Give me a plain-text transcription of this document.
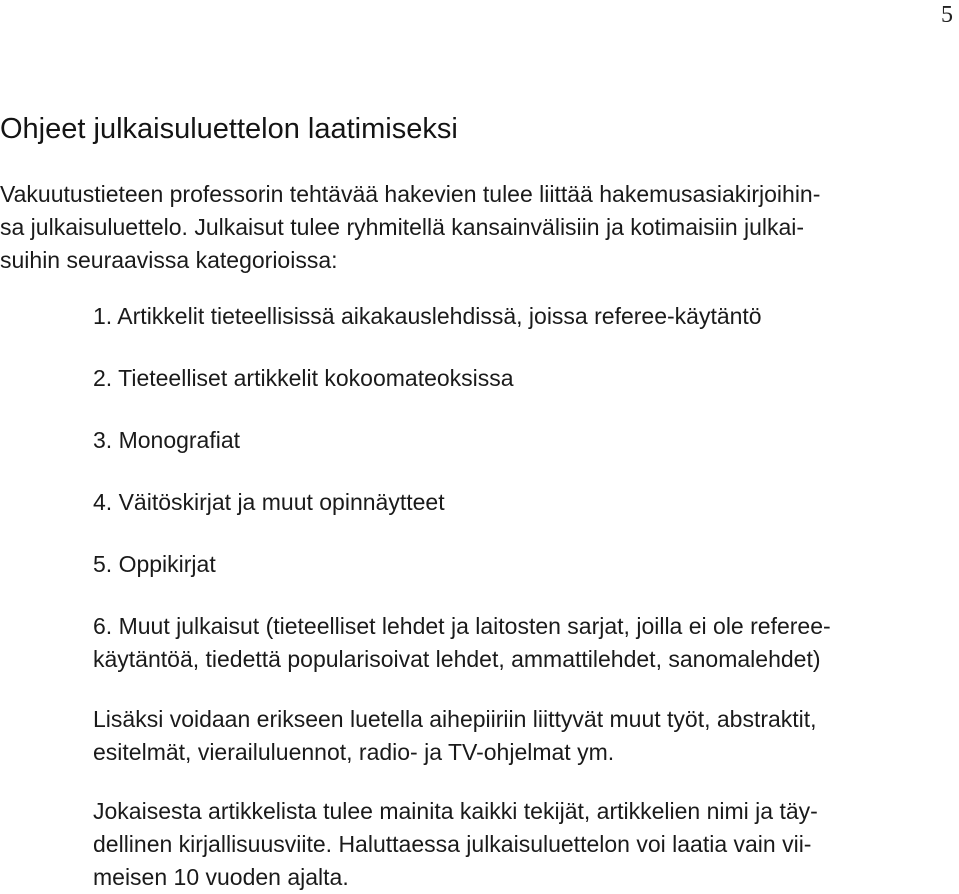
5
Ohjeet julkaisuluettelon laatimiseksi
Vakuutustieteen professorin tehtävää hakevien tulee liittää hakemusasiakirjoihin-
sa julkaisuluettelo. Julkaisut tulee ryhmitellä kansainvälisiin ja kotimaisiin julkai-
suihin seuraavissa kategorioissa:
1. Artikkelit tieteellisissä aikakauslehdissä, joissa referee-käytäntö
2. Tieteelliset artikkelit kokoomateoksissa
3. Monografiat
4. Väitöskirjat ja muut opinnäytteet
5. Oppikirjat
6. Muut julkaisut (tieteelliset lehdet ja laitosten sarjat, joilla ei ole referee-
käytäntöä, tiedettä popularisoivat lehdet, ammattilehdet, sanomalehdet)
Lisäksi voidaan erikseen luetella aihepiiriin liittyvät muut työt, abstraktit,
esitelmät, vierailuluennot, radio- ja TV-ohjelmat ym.
Jokaisesta artikkelista tulee mainita kaikki tekijät, artikkelien nimi ja täy-
dellinen kirjallisuusviite. Haluttaessa julkaisuluettelon voi laatia vain vii-
meisen 10 vuoden ajalta.
